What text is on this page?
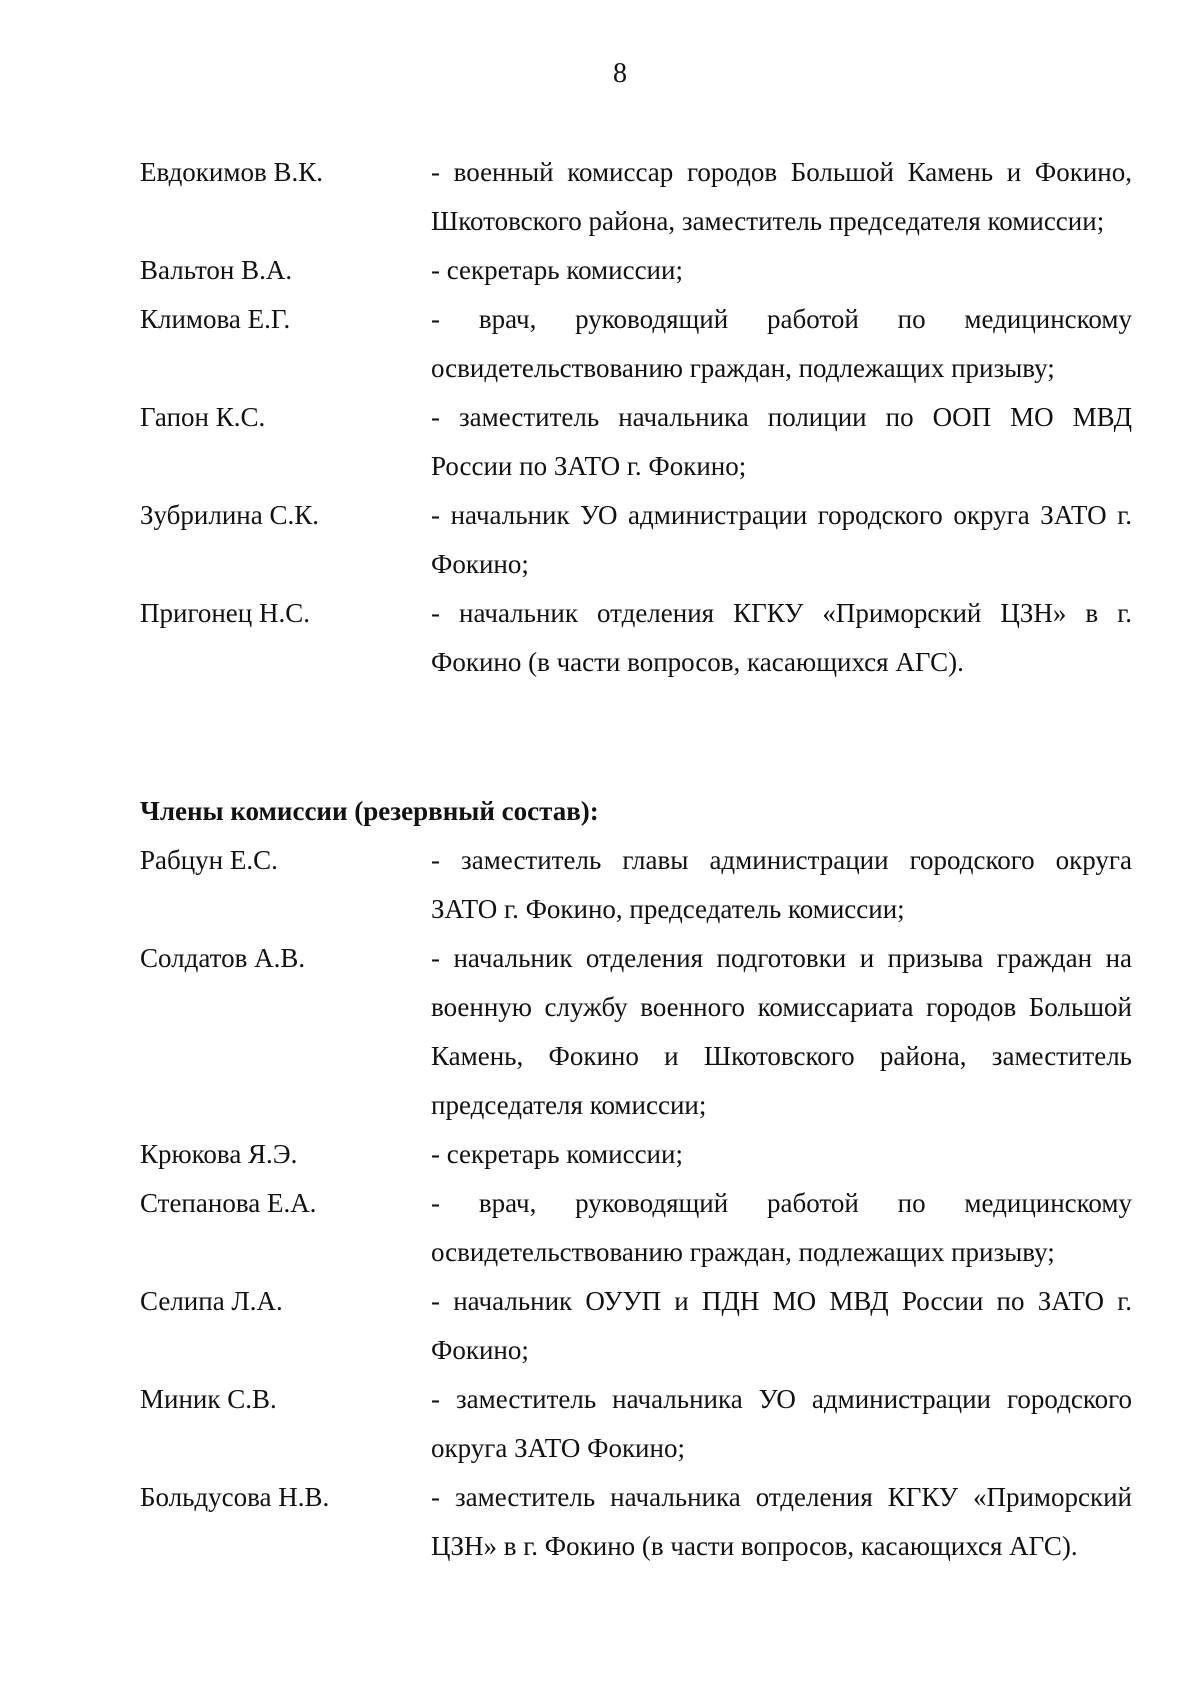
8
Евдокимов В.К.	- военный комиссар городов Большой Камень и Фокино, Шкотовского района, заместитель председателя комиссии;
Вальтон В.А.	- секретарь комиссии;
Климова Е.Г.	- врач, руководящий работой по медицинскому освидетельствованию граждан, подлежащих призыву;
Гапон К.С.	- заместитель начальника полиции по ООП МО МВД России по ЗАТО г. Фокино;
Зубрилина С.К.	- начальник УО администрации городского округа ЗАТО г. Фокино;
Пригонец Н.С.	- начальник отделения КГКУ «Приморский ЦЗН» в г. Фокино (в части вопросов, касающихся АГС).
Члены комиссии (резервный состав):
Рабцун Е.С.	- заместитель главы администрации городского округа ЗАТО г. Фокино, председатель комиссии;
Солдатов А.В.	- начальник отделения подготовки и призыва граждан на военную службу военного комиссариата городов Большой Камень, Фокино и Шкотовского района, заместитель председателя комиссии;
Крюкова Я.Э.	- секретарь комиссии;
Степанова Е.А.	- врач, руководящий работой по медицинскому освидетельствованию граждан, подлежащих призыву;
Селипа Л.А.	- начальник ОУУП и ПДН МО МВД России по ЗАТО г. Фокино;
Миник С.В.	- заместитель начальника УО администрации городского округа ЗАТО Фокино;
Больдусова Н.В.	- заместитель начальника отделения КГКУ «Приморский ЦЗН» в г. Фокино (в части вопросов, касающихся АГС).
